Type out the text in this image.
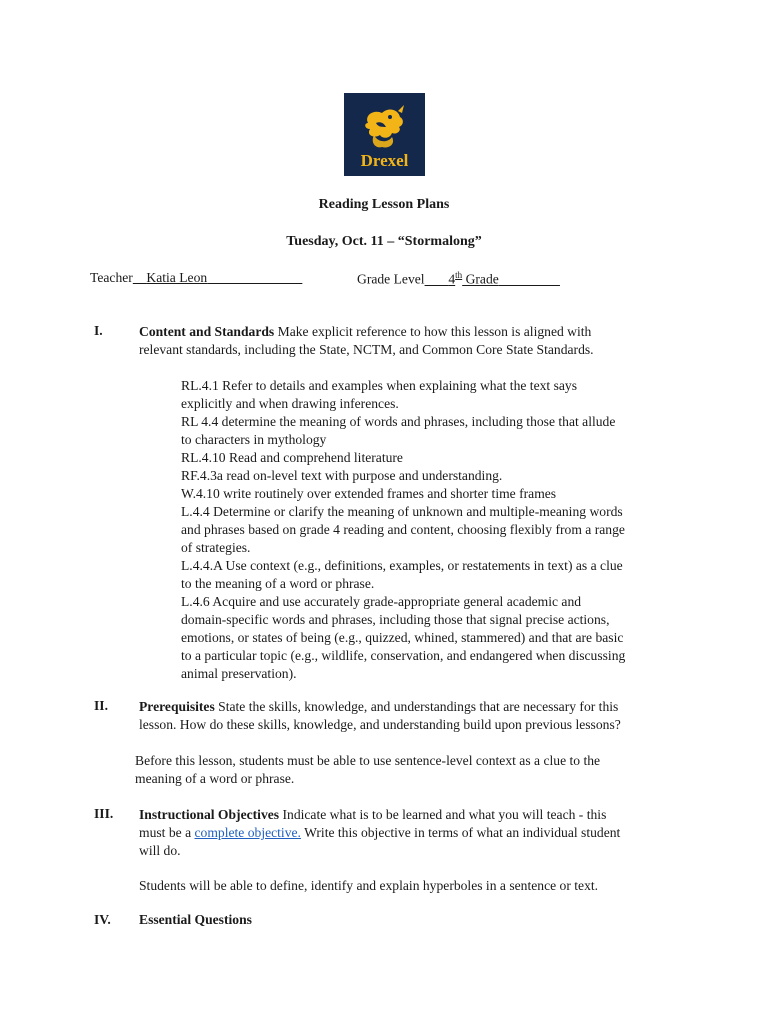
Drexel
Reading Lesson Plans
Tuesday, Oct. 11 – “Stormalong”
Teacher Katia Leon	Grade Level 4th Grade
I.	Content and Standards Make explicit reference to how this lesson is aligned with
relevant standards, including the State, NCTM, and Common Core State Standards.
RL.4.1 Refer to details and examples when explaining what the text says
explicitly and when drawing inferences.
RL 4.4 determine the meaning of words and phrases, including those that allude
to characters in mythology
RL.4.10 Read and comprehend literature
RF.4.3a read on-level text with purpose and understanding.
W.4.10 write routinely over extended frames and shorter time frames
L.4.4 Determine or clarify the meaning of unknown and multiple-meaning words
and phrases based on grade 4 reading and content, choosing flexibly from a range
of strategies.
L.4.4.A Use context (e.g., definitions, examples, or restatements in text) as a clue
to the meaning of a word or phrase.
L.4.6 Acquire and use accurately grade-appropriate general academic and
domain-specific words and phrases, including those that signal precise actions,
emotions, or states of being (e.g., quizzed, whined, stammered) and that are basic
to a particular topic (e.g., wildlife, conservation, and endangered when discussing
animal preservation).
II. Prerequisites State the skills, knowledge, and understandings that are necessary for this
lesson. How do these skills, knowledge, and understanding build upon previous lessons?
Before this lesson, students must be able to use sentence-level context as a clue to the
meaning of a word or phrase.
III. Instructional Objectives Indicate what is to be learned and what you will teach - this
must be a complete objective. Write this objective in terms of what an individual student
will do.
Students will be able to define, identify and explain hyperboles in a sentence or text.
IV. Essential Questions
